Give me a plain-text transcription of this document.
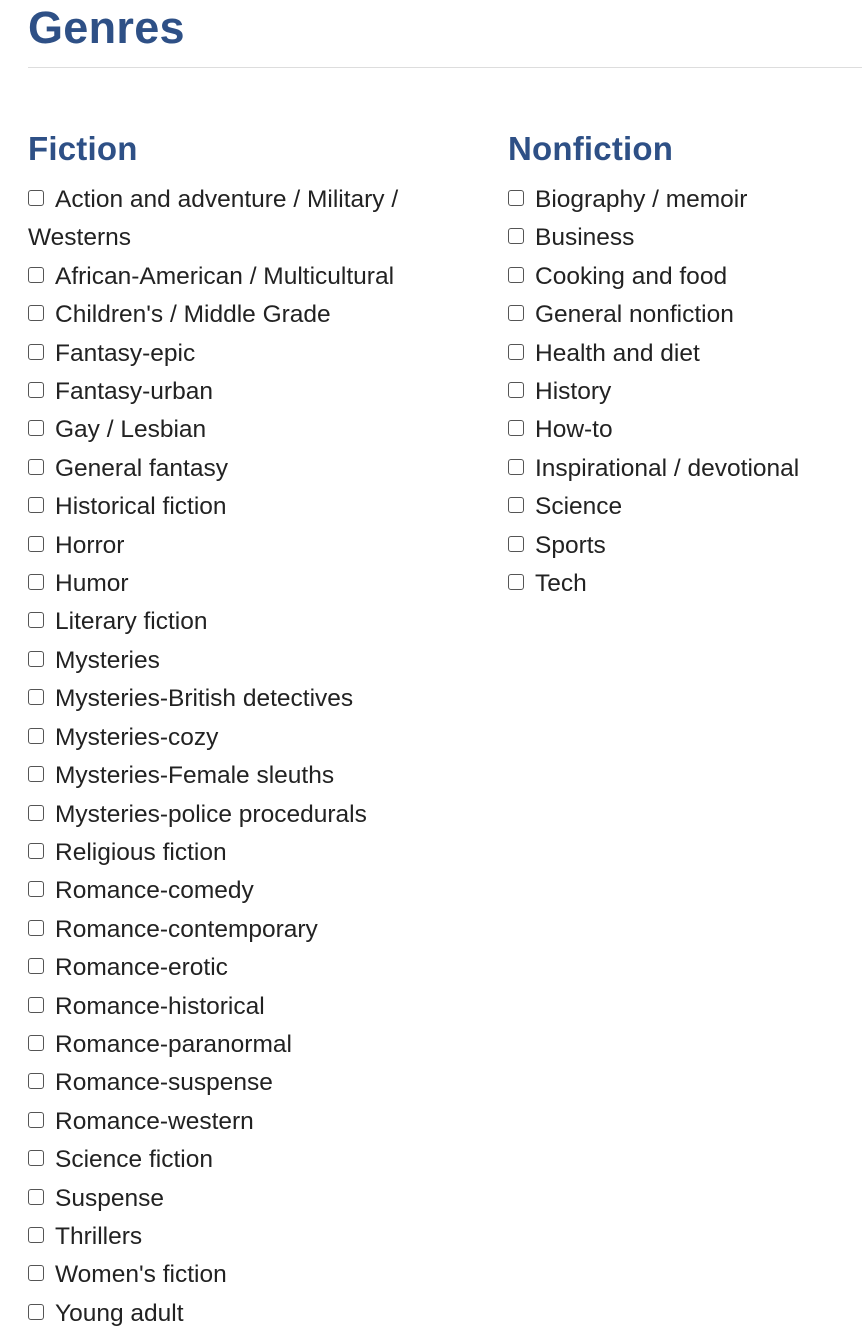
Genres
Fiction
Action and adventure / Military / Westerns
African-American / Multicultural
Children's / Middle Grade
Fantasy-epic
Fantasy-urban
Gay / Lesbian
General fantasy
Historical fiction
Horror
Humor
Literary fiction
Mysteries
Mysteries-British detectives
Mysteries-cozy
Mysteries-Female sleuths
Mysteries-police procedurals
Religious fiction
Romance-comedy
Romance-contemporary
Romance-erotic
Romance-historical
Romance-paranormal
Romance-suspense
Romance-western
Science fiction
Suspense
Thrillers
Women's fiction
Young adult
Nonfiction
Biography / memoir
Business
Cooking and food
General nonfiction
Health and diet
History
How-to
Inspirational / devotional
Science
Sports
Tech
